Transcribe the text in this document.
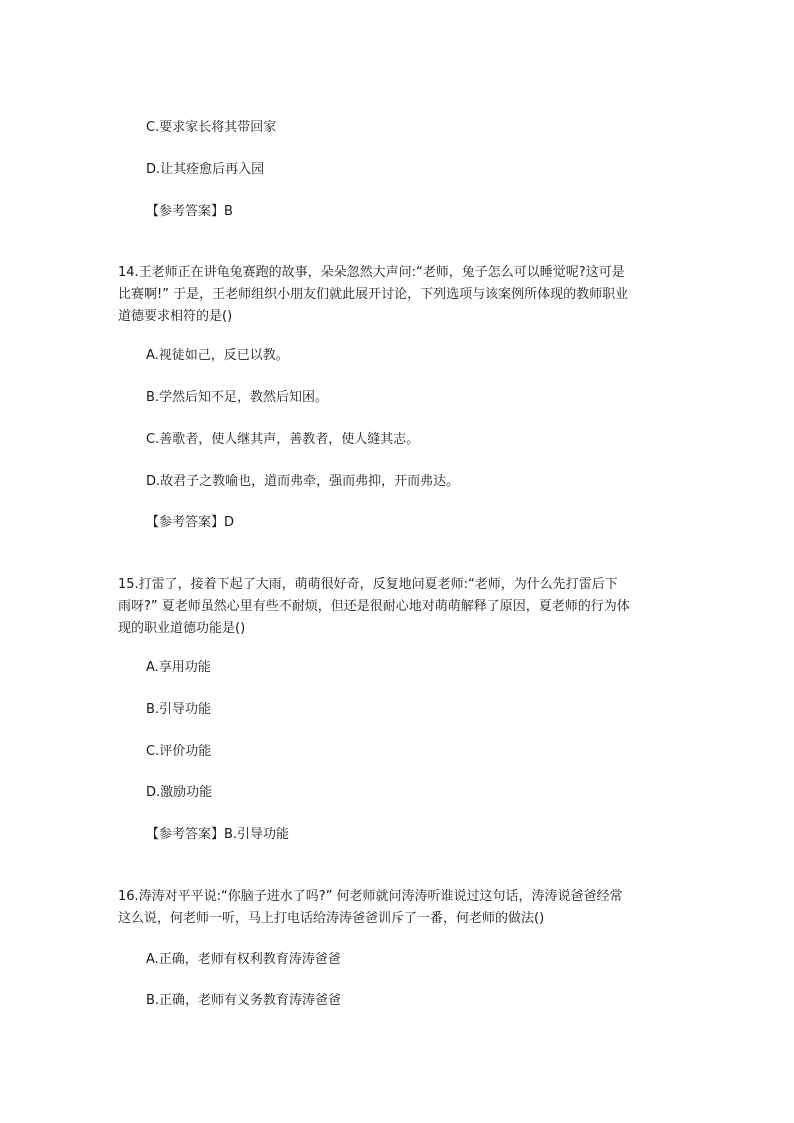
C.要求家长将其带回家
D.让其痊愈后再入园
【参考答案】B
14.王老师正在讲龟兔赛跑的故事，朵朵忽然大声问:“老师，兔子怎么可以睡觉呢?这可是
比赛啊!” 于是，王老师组织小朋友们就此展开讨论，下列选项与该案例所体现的教师职业
道德要求相符的是()
A.视徒如己，反已以教。
B.学然后知不足，教然后知困。
C.善歌者，使人继其声，善教者，使人缝其志。
D.故君子之教喻也，道而弗牵，强而弗抑，开而弗达。
【参考答案】D
15.打雷了，接着下起了大雨，萌萌很好奇，反复地问夏老师:“老师，为什么先打雷后下
雨呀?” 夏老师虽然心里有些不耐烦，但还是很耐心地对萌萌解释了原因，夏老师的行为体
现的职业道德功能是()
A.享用功能
B.引导功能
C.评价功能
D.激励功能
【参考答案】B.引导功能
16.涛涛对平平说:“你脑子进水了吗?” 何老师就问涛涛听谁说过这句话，涛涛说爸爸经常
这么说，何老师一听，马上打电话给涛涛爸爸训斥了一番，何老师的做法()
A.正确，老师有权利教育涛涛爸爸
B.正确，老师有义务教育涛涛爸爸
